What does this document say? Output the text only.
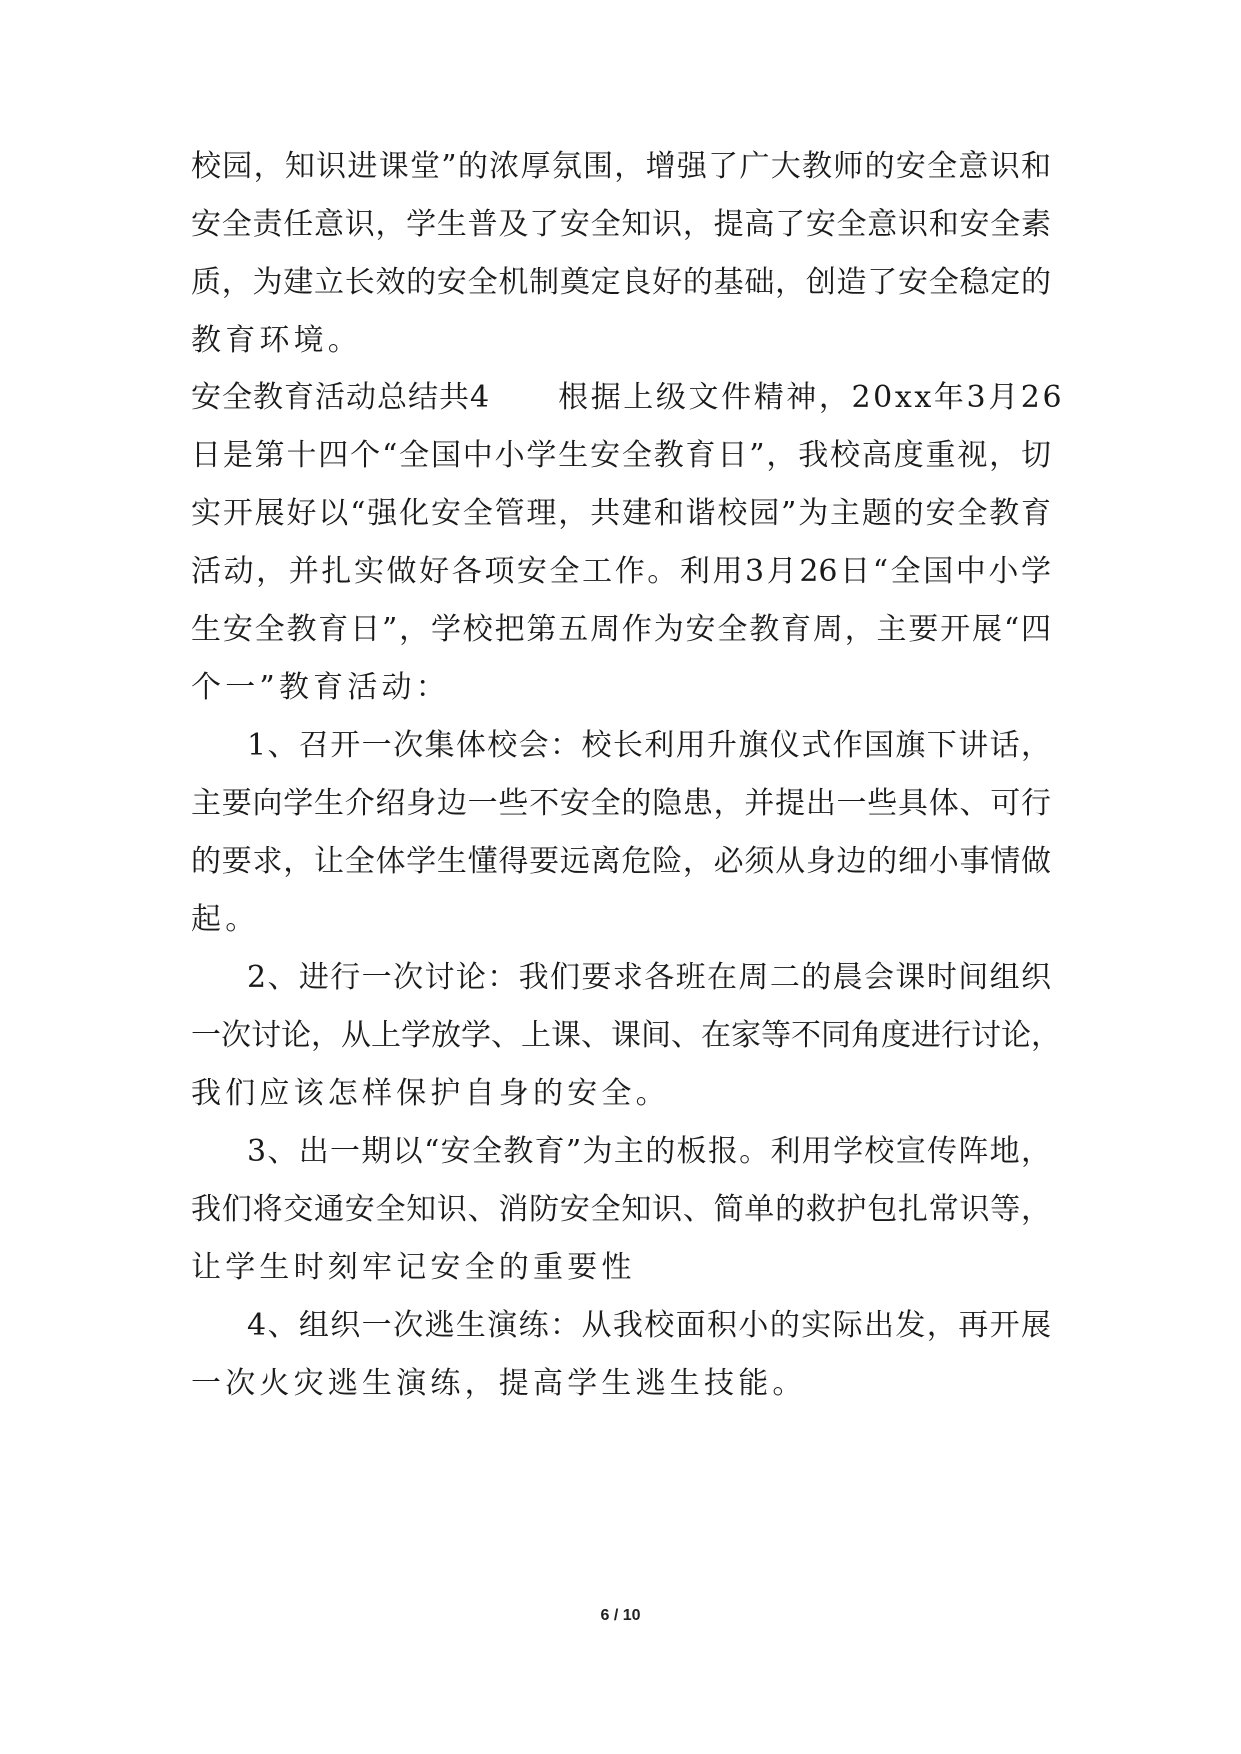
校园，知识进课堂”的浓厚氛围，增强了广大教师的安全意识和
安全责任意识，学生普及了安全知识，提高了安全意识和安全素
质，为建立长效的安全机制奠定良好的基础，创造了安全稳定的
教育环境。
安全教育活动总结共4 根据上级文件精神，20xx年3月26
日是第十四个“全国中小学生安全教育日”，我校高度重视，切
实开展好以“强化安全管理，共建和谐校园”为主题的安全教育
活动，并扎实做好各项安全工作。利用3月26日“全国中小学
生安全教育日”，学校把第五周作为安全教育周，主要开展“四
个一”教育活动：
1、召开一次集体校会：校长利用升旗仪式作国旗下讲话，
主要向学生介绍身边一些不安全的隐患，并提出一些具体、可行
的要求，让全体学生懂得要远离危险，必须从身边的细小事情做
起。
2、进行一次讨论：我们要求各班在周二的晨会课时间组织
一次讨论，从上学放学、上课、课间、在家等不同角度进行讨论，
我们应该怎样保护自身的安全。
3、出一期以“安全教育”为主的板报。利用学校宣传阵地，
我们将交通安全知识、消防安全知识、简单的救护包扎常识等，
让学生时刻牢记安全的重要性
4、组织一次逃生演练：从我校面积小的实际出发，再开展
一次火灾逃生演练，提高学生逃生技能。
6 / 10
